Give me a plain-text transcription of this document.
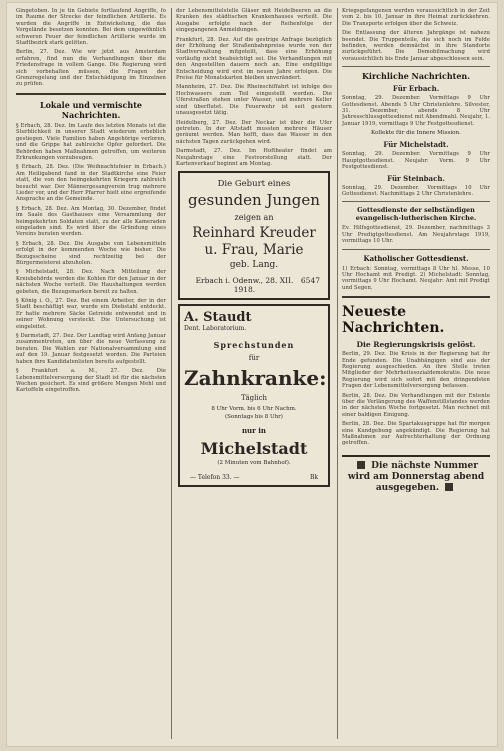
Gingetoben. In je tin Gebiete fortlaufend Angriffe, fo im Raume der Strecke der feindlichen Artillerie. Es wurden die Angriffe in Entwickelung, die das Vorgelände besetzen konnten. Bei dem ungewöhnlich schweren Feuer der feindlichen Artillerie wurde im Stadtbezirk stark gelitten.

Berlin, 27. Dez. Wie wir jetzt aus Amsterdam erfahren, find nun die Verhandlungen über die Friedensfrage in vollem Gange. Die Regierung wird sich vorbehalten müssen, die Fragen der Grenzregelung und der Entschädigung im Einzelnen zu prüfen.

Lokale und vermischte Nachrichten.

§ Erbach, 28. Dez. Im Laufe des letzten Monats ist die Sterblichkeit in unserer Stadt wiederum erheblich gestiegen. Viele Familien haben Angehörige verloren, und die Grippe hat zahlreiche Opfer gefordert. Die Behörden haben Maßnahmen getroffen, um weiteren Erkrankungen vorzubeugen.

§ Erbach, 28. Dez. (Die Weihnachtsfeier in Erbach.) Am Heiligabend fand in der Stadtkirche eine Feier statt, die von den heimgekehrten Kriegern zahlreich besucht war. Der Männergesangverein trug mehrere Lieder vor, und der Herr Pfarrer hielt eine ergreifende Ansprache an die Gemeinde.

§ Erbach, 28. Dez. Am Montag, 30. Dezember, findet im Saale des Gasthauses eine Versammlung der heimgekehrten Soldaten statt, zu der alle Kameraden eingeladen sind. Es wird über die Gründung eines Vereins beraten werden.

§ Erbach, 28. Dez. Die Ausgabe von Lebensmitteln erfolgt in der kommenden Woche wie bisher. Die Bezugsscheine sind rechtzeitig bei der Bürgermeisterei abzuholen.

§ Michelstadt, 28. Dez. Nach Mitteilung der Kreisbehörde werden die Kohlen für den Januar in der nächsten Woche verteilt. Die Haushaltungen werden gebeten, die Bezugsmarken bereit zu halten.

§ König i. O., 27. Dez. Bei einem Arbeiter, der in der Stadt beschäftigt war, wurde ein Diebstahl entdeckt. Er hatte mehrere Säcke Getreide entwendet und in seiner Wohnung versteckt. Die Untersuchung ist eingeleitet.

§ Darmstadt, 27. Dez. Der Landtag wird Anfang Januar zusammentreten, um über die neue Verfassung zu beraten. Die Wahlen zur Nationalversammlung sind auf den 19. Januar festgesetzt worden. Die Parteien haben ihre Kandidatenlisten bereits aufgestellt.

§ Frankfurt a. M., 27. Dez. Die Lebensmittelversorgung der Stadt ist für die nächsten Wochen gesichert. Es sind größere Mengen Mehl und Kartoffeln eingetroffen.

der Lebensmittelstelle Gläser mit Heidelbeeren an die Kranken des städtischen Krankenhauses verteilt. Die Ausgabe erfolgte nach der Reihenfolge der eingegangenen Anmeldungen.

Frankfurt, 28. Dez. Auf die gestrige Anfrage bezüglich der Erhöhung der Straßenbahnpreise wurde von der Stadtverwaltung mitgeteilt, dass eine Erhöhung vorläufig nicht beabsichtigt sei. Die Verhandlungen mit den Angestellten dauern noch an. Eine endgültige Entscheidung wird erst im neuen Jahre erfolgen. Die Preise für Monatskarten bleiben unverändert.

Mannheim, 27. Dez. Die Rheinschiffahrt ist infolge des Hochwassers zum Teil eingestellt worden. Die Uferstraßen stehen unter Wasser, und mehrere Keller sind überflutet. Die Feuerwehr ist seit gestern unausgesetzt tätig.

Heidelberg, 27. Dez. Der Neckar ist über die Ufer getreten. In der Altstadt mussten mehrere Häuser geräumt werden. Man hofft, dass das Wasser in den nächsten Tagen zurückgehen wird.

Darmstadt, 27. Dez. Im Hoftheater findet am Neujahrstage eine Festvorstellung statt. Der Kartenverkauf beginnt am Montag.

Die Geburt eines
gesunden Jungen
zeigen an
Reinhard Kreuder
u. Frau, Marie
geb. Lang.
Erbach i. Odenw., 28. XII. 1918.
6547
A. Staudt
Dent. Laboratorium.
Sprechstunden
für
Zahnkranke:
Täglich
8 Uhr Vorm. bis 6 Uhr Nachm.
(Sonntags bis 8 Uhr)
nur in
Michelstadt
(2 Minuten vom Bahnhof).
— Telefon 33. —	Bk

Kriegsgefangenen werden voraussichtlich in der Zeit vom 2. bis 10. Januar in ihre Heimat zurückkehren. Die Transporte erfolgen über die Schweiz.

Die Entlassung der älteren Jahrgänge ist nahezu beendet. Die Truppenteile, die sich noch im Felde befinden, werden demnächst in ihre Standorte zurückgeführt. Die Demobilmachung wird voraussichtlich bis Ende Januar abgeschlossen sein.

Kirchliche Nachrichten.
Für Erbach.

Sonntag, 29. Dezember. Vormittags 9 Uhr Gottesdienst. Abends 5 Uhr Christenlehre. Silvester, 31. Dezember, abends 8 Uhr Jahresschlussgottesdienst mit Abendmahl. Neujahr, 1. Januar 1919, vormittags 9 Uhr Festgottesdienst.

Kollekte für die Innere Mission.

Für Michelstadt.

Sonntag, 29. Dezember. Vormittags 9 Uhr Hauptgottesdienst. Neujahr: Vorm. 9 Uhr Festgottesdienst.

Für Steinbach.

Sonntag, 29. Dezember. Vormittags 10 Uhr Gottesdienst. Nachmittags 2 Uhr Christenlehre.

Gottesdienste der selbständigen evangelisch-lutherischen Kirche.

Ev. Hilfsgottesdienst, 29. Dezember, nachmittags 3 Uhr Predigtgottesdienst. Am Neujahrstage 1919, vormittags 10 Uhr.

Katholischer Gottesdienst.

1) Erbach: Sonntag, vormittags 8 Uhr hl. Messe, 10 Uhr Hochamt mit Predigt. 2) Michelstadt: Sonntag, vormittags 9 Uhr Hochamt. Neujahr: Amt mit Predigt und Segen.

Neueste Nachrichten.
Die Regierungskrisis gelöst.

Berlin, 29. Dez. Die Krisis in der Regierung hat ihr Ende gefunden. Die Unabhängigen sind aus der Regierung ausgeschieden. An ihre Stelle treten Mitglieder der Mehrheitssozialdemokratie. Die neue Regierung wird sich sofort mit den dringendsten Fragen der Lebensmittelversorgung befassen.

Berlin, 28. Dez. Die Verhandlungen mit der Entente über die Verlängerung des Waffenstillstandes werden in der nächsten Woche fortgesetzt. Man rechnet mit einer baldigen Einigung.

Berlin, 28. Dez. Die Spartakusgruppe hat für morgen eine Kundgebung angekündigt. Die Regierung hat Maßnahmen zur Aufrechterhaltung der Ordnung getroffen.

Die nächste Nummer wird am Donnerstag abend ausgegeben.
